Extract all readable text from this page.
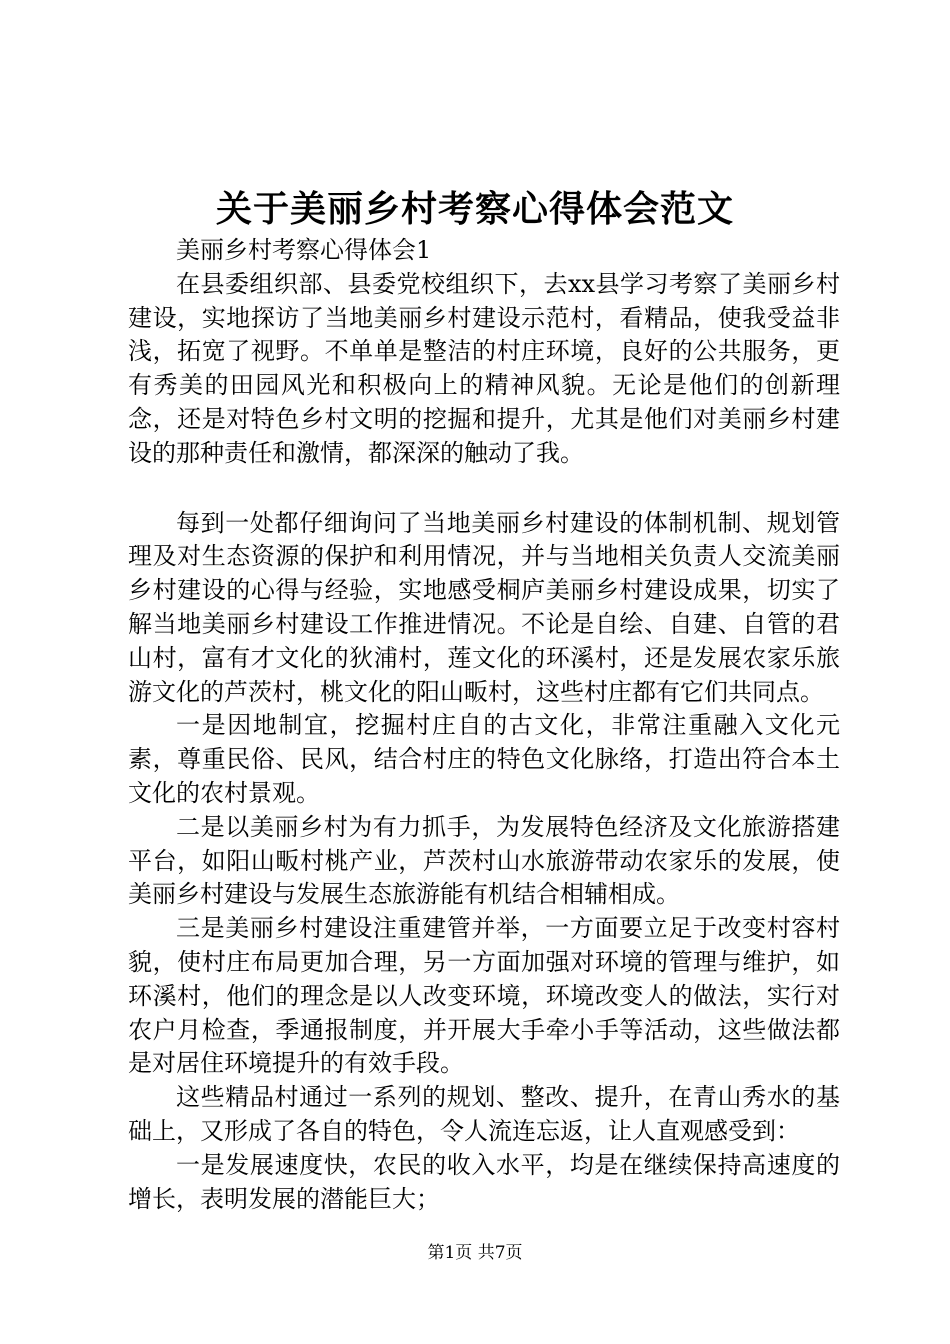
关于美丽乡村考察心得体会范文

美丽乡村考察心得体会1

在县委组织部、县委党校组织下，去xx县学习考察了美丽乡村建设，实地探访了当地美丽乡村建设示范村，看精品，使我受益非浅，拓宽了视野。不单单是整洁的村庄环境，良好的公共服务，更有秀美的田园风光和积极向上的精神风貌。无论是他们的创新理念，还是对特色乡村文明的挖掘和提升，尤其是他们对美丽乡村建设的那种责任和激情，都深深的触动了我。

每到一处都仔细询问了当地美丽乡村建设的体制机制、规划管理及对生态资源的保护和利用情况，并与当地相关负责人交流美丽乡村建设的心得与经验，实地感受桐庐美丽乡村建设成果，切实了解当地美丽乡村建设工作推进情况。不论是自绘、自建、自管的君山村，富有才文化的狄浦村，莲文化的环溪村，还是发展农家乐旅游文化的芦茨村，桃文化的阳山畈村，这些村庄都有它们共同点。

一是因地制宜，挖掘村庄自的古文化，非常注重融入文化元素，尊重民俗、民风，结合村庄的特色文化脉络，打造出符合本土文化的农村景观。

二是以美丽乡村为有力抓手，为发展特色经济及文化旅游搭建平台，如阳山畈村桃产业，芦茨村山水旅游带动农家乐的发展，使美丽乡村建设与发展生态旅游能有机结合相辅相成。

三是美丽乡村建设注重建管并举，一方面要立足于改变村容村貌，使村庄布局更加合理，另一方面加强对环境的管理与维护，如环溪村，他们的理念是以人改变环境，环境改变人的做法，实行对农户月检查，季通报制度，并开展大手牵小手等活动，这些做法都是对居住环境提升的有效手段。

这些精品村通过一系列的规划、整改、提升，在青山秀水的基础上，又形成了各自的特色，令人流连忘返，让人直观感受到：

一是发展速度快，农民的收入水平，均是在继续保持高速度的增长，表明发展的潜能巨大；

第1页 共7页
